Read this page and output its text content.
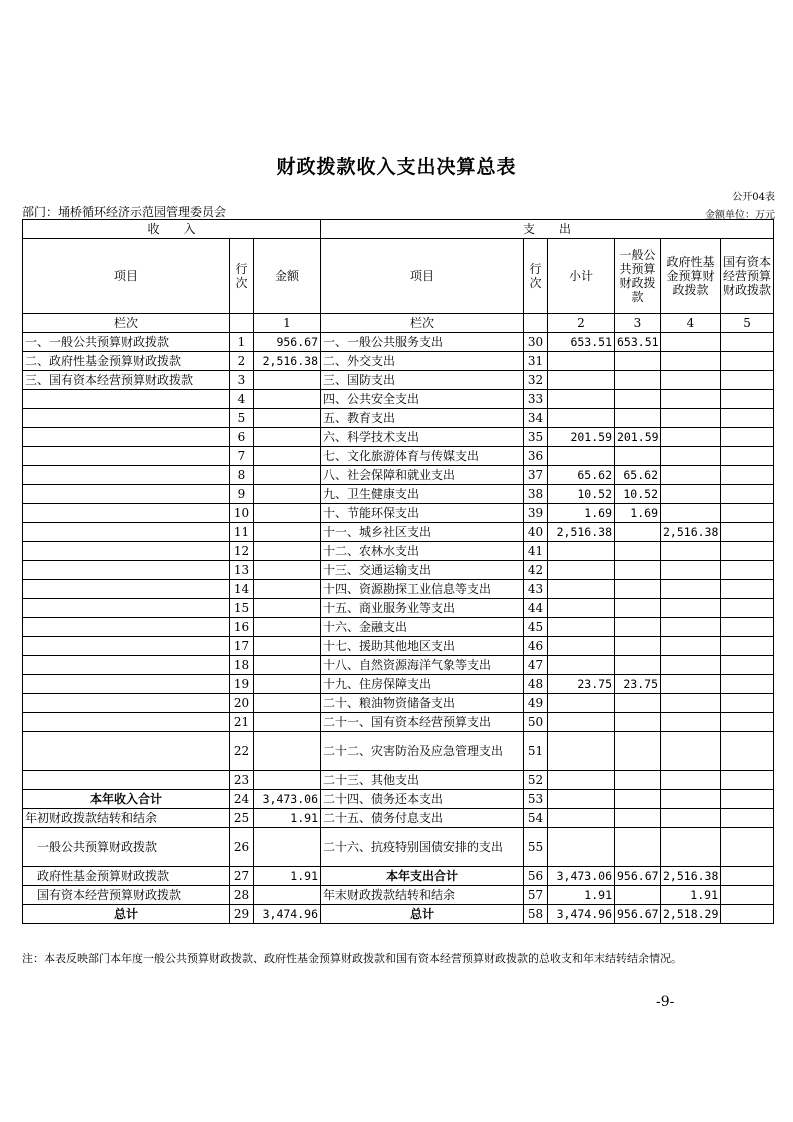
财政拨款收入支出决算总表
公开04表
部门：埇桥循环经济示范园管理委员会	金额单位：万元
收　　入			支　　出					
项目	行次	金额	项目	行次	小计	一般公共预算财政拨款	政府性基金预算财政拨款	国有资本经营预算财政拨款
栏次		1	栏次		2	3	4	5
一、一般公共预算财政拨款	1	956.67	一、一般公共服务支出	30	653.51	653.51		
二、政府性基金预算财政拨款	2	2,516.38	二、外交支出	31				
三、国有资本经营预算财政拨款	3		三、国防支出	32				
	4		四、公共安全支出	33				
	5		五、教育支出	34				
	6		六、科学技术支出	35	201.59	201.59		
	7		七、文化旅游体育与传媒支出	36				
	8		八、社会保障和就业支出	37	65.62	65.62		
	9		九、卫生健康支出	38	10.52	10.52		
	10		十、节能环保支出	39	1.69	1.69		
	11		十一、城乡社区支出	40	2,516.38		2,516.38	
	12		十二、农林水支出	41				
	13		十三、交通运输支出	42				
	14		十四、资源勘探工业信息等支出	43				
	15		十五、商业服务业等支出	44				
	16		十六、金融支出	45				
	17		十七、援助其他地区支出	46				
	18		十八、自然资源海洋气象等支出	47				
	19		十九、住房保障支出	48	23.75	23.75		
	20		二十、粮油物资储备支出	49				
	21		二十一、国有资本经营预算支出	50				
	22		二十二、灾害防治及应急管理支出	51				
	23		二十三、其他支出	52				
本年收入合计	24	3,473.06	二十四、债务还本支出	53				
年初财政拨款结转和结余	25	1.91	二十五、债务付息支出	54				
一般公共预算财政拨款	26		二十六、抗疫特别国债安排的支出	55				
政府性基金预算财政拨款	27	1.91	本年支出合计	56	3,473.06	956.67	2,516.38	
国有资本经营预算财政拨款	28		年末财政拨款结转和结余	57	1.91		1.91	
总计	29	3,474.96	总计	58	3,474.96	956.67	2,518.29	
注：本表反映部门本年度一般公共预算财政拨款、政府性基金预算财政拨款和国有资本经营预算财政拨款的总收支和年末结转结余情况。
-9-
